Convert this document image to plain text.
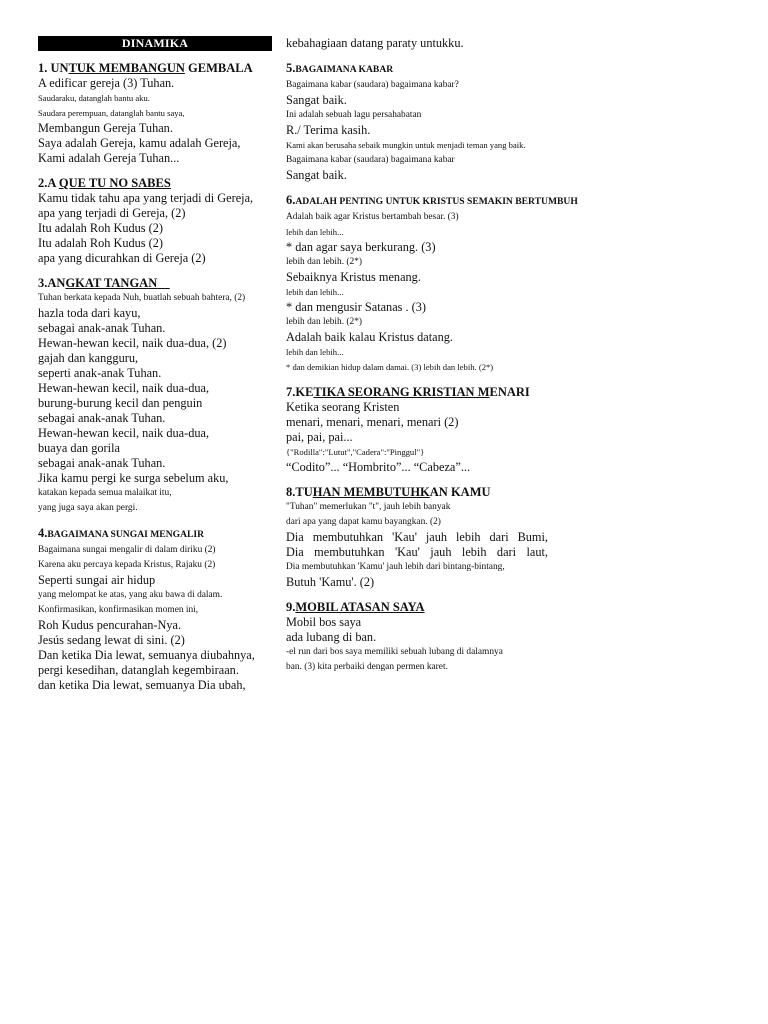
DINAMIKA
1. UNTUK MEMBANGUN GEMBALA
A edificar gereja (3) Tuhan.
Saudaraku, datanglah bantu aku.
Saudara perempuan, datanglah bantu saya,
Membangun Gereja Tuhan.
Saya adalah Gereja, kamu adalah Gereja,
Kami adalah Gereja Tuhan...
2.A QUE TU NO SABES
Kamu tidak tahu apa yang terjadi di Gereja,
apa yang terjadi di Gereja, (2)
Itu adalah Roh Kudus (2)
Itu adalah Roh Kudus (2)
apa yang dicurahkan di Gereja (2)
3.ANGKAT TANGAN
Tuhan berkata kepada Nuh, buatlah sebuah bahtera, (2)
hazla toda dari kayu,
sebagai anak-anak Tuhan.
Hewan-hewan kecil, naik dua-dua, (2)
gajah dan kangguru,
seperti anak-anak Tuhan.
Hewan-hewan kecil, naik dua-dua,
burung-burung kecil dan penguin
sebagai anak-anak Tuhan.
Hewan-hewan kecil, naik dua-dua,
buaya dan gorila
sebagai anak-anak Tuhan.
Jika kamu pergi ke surga sebelum aku,
katakan kepada semua malaikat itu,
yang juga saya akan pergi.
4.BAGAIMANA SUNGAI MENGALIR
Bagaimana sungai mengalir di dalam diriku (2)
Karena aku percaya kepada Kristus, Rajaku (2)
Seperti sungai air hidup
yang melompat ke atas, yang aku bawa di dalam.
Konfirmasikan, konfirmasikan momen ini,
Roh Kudus pencurahan-Nya.
Jesús sedang lewat di sini. (2)
Dan ketika Dia lewat, semuanya diubahnya,
pergi kesedihan, datanglah kegembiraan.
dan ketika Dia lewat, semuanya Dia ubah,
kebahagiaan datang paraty untukku.
5.BAGAIMANA KABAR
Bagaimana kabar (saudara) bagaimana kabar?
Sangat baik.
Ini adalah sebuah lagu persahabatan
R./ Terima kasih.
Kami akan berusaha sebaik mungkin untuk menjadi teman yang baik.
Bagaimana kabar (saudara) bagaimana kabar
Sangat baik.
6.ADALAH PENTING UNTUK KRISTUS SEMAKIN BERTUMBUH
Adalah baik agar Kristus bertambah besar. (3)
lebih dan lebih...
* dan agar saya berkurang. (3)
lebih dan lebih. (2*)
Sebaiknya Kristus menang.
lebih dan lebih...
* dan mengusir Satanas . (3)
lebih dan lebih. (2*)
Adalah baik kalau Kristus datang.
lebih dan lebih...
* dan demikian hidup dalam damai. (3) lebih dan lebih. (2*)
7.KETIKA SEORANG KRISTIAN MENARI
Ketika seorang Kristen
menari, menari, menari, menari (2)
pai, pai, pai...
{"Rodilla":"Lutut","Cadera":"Pinggul"}
“Codito”... “Hombrito”... “Cabeza”...
8.TUHAN MEMBUTUHKAN KAMU
"Tuhan" memerlukan "t", jauh lebih banyak
dari apa yang dapat kamu bayangkan. (2)
Dia membutuhkan 'Kau' jauh lebih dari Bumi,
Dia membutuhkan 'Kau' jauh lebih dari laut,
Dia membutuhkan 'Kamu' jauh lebih dari bintang-bintang,
Butuh 'Kamu'. (2)
9.MOBIL ATASAN SAYA
Mobil bos saya
ada lubang di ban.
-el run dari bos saya memiliki sebuah lubang di dalamnya
ban. (3) kita perbaiki dengan permen karet.
